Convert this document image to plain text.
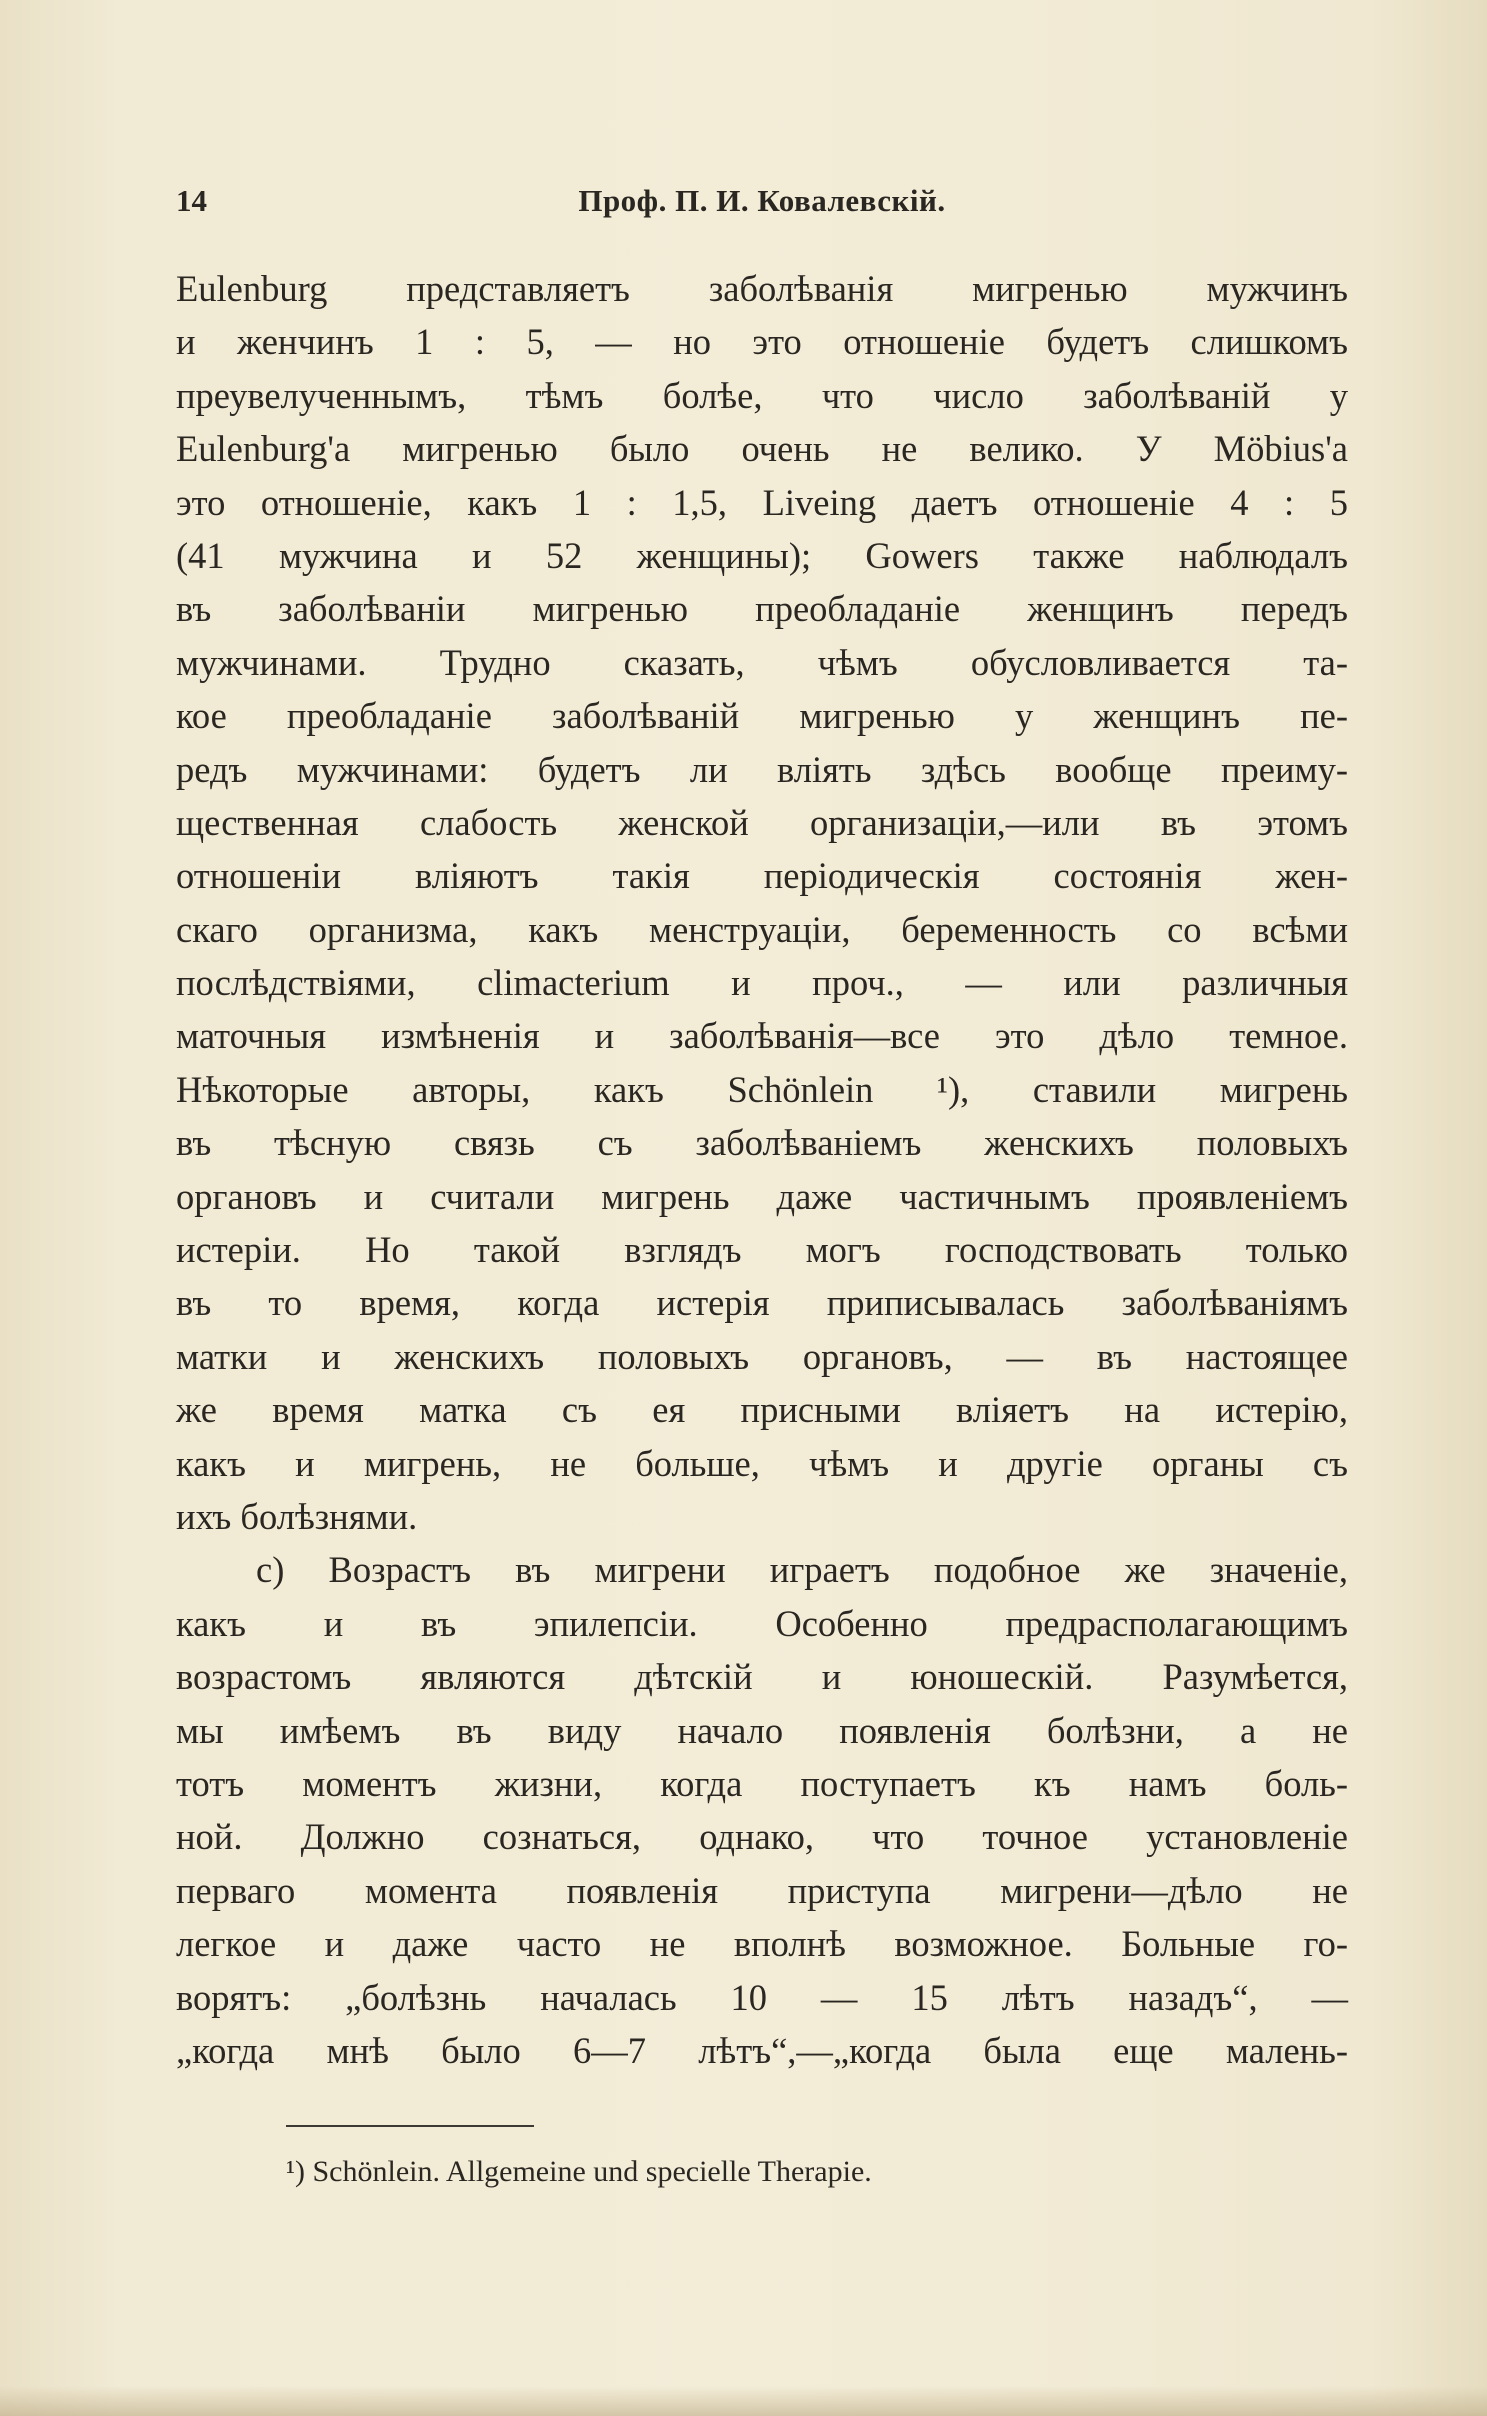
14	Проф. П. И. Ковалевскій.
Eulenburg представляетъ заболѣванія мигренью мужчинъ
и женчинъ 1 : 5, — но это отношеніе будетъ слишкомъ
преувелученнымъ, тѣмъ болѣе, что число заболѣваній у
Eulenburg'a мигренью было очень не велико. У Möbius'a
это отношеніе, какъ 1 : 1,5, Liveing даетъ отношеніе 4 : 5
(41 мужчина и 52 женщины); Gowers также наблюдалъ
въ заболѣваніи мигренью преобладаніе женщинъ передъ
мужчинами. Трудно сказать, чѣмъ обусловливается та-
кое преобладаніе заболѣваній мигренью у женщинъ пе-
редъ мужчинами: будетъ ли вліять здѣсь вообще преиму-
щественная слабость женской организаціи,—или въ этомъ
отношеніи вліяютъ такія періодическія состоянія жен-
скаго организма, какъ менструаціи, беременность со всѣми
послѣдствіями, climacterium и проч., — или различныя
маточныя измѣненія и заболѣванія—все это дѣло темное.
Нѣкоторые авторы, какъ Schönlein ¹), ставили мигрень
въ тѣсную связь съ заболѣваніемъ женскихъ половыхъ
органовъ и считали мигрень даже частичнымъ проявленіемъ
истеріи. Но такой взглядъ могъ господствовать только
въ то время, когда истерія приписывалась заболѣваніямъ
матки и женскихъ половыхъ органовъ, — въ настоящее
же время матка съ ея присными вліяетъ на истерію,
какъ и мигрень, не больше, чѣмъ и другіе органы съ
ихъ болѣзнями.
c) Возрастъ въ мигрени играетъ подобное же значеніе,
какъ и въ эпилепсіи. Особенно предрасполагающимъ
возрастомъ являются дѣтскій и юношескій. Разумѣется,
мы имѣемъ въ виду начало появленія болѣзни, а не
тотъ моментъ жизни, когда поступаетъ къ намъ боль-
ной. Должно сознаться, однако, что точное установленіе
перваго момента появленія приступа мигрени—дѣло не
легкое и даже часто не вполнѣ возможное. Больные го-
ворятъ: „болѣзнь началась 10 — 15 лѣтъ назадъ“, —
„когда мнѣ было 6—7 лѣтъ“,—„когда была еще малень-
¹) Schönlein. Allgemeine und specielle Therapie.
